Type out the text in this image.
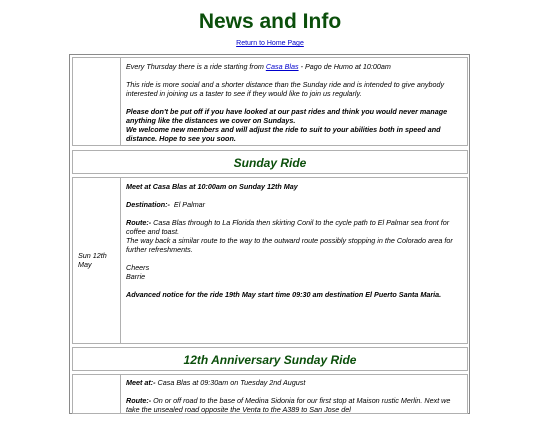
News and Info
Return to Home Page

Every Thursday there is a ride starting from Casa Blas - Pago de Humo at 10:00am

This ride is more social and a shorter distance than the Sunday ride and is intended to give anybody interested in joining us a taster to see if they would like to join us regularly.

Please don't be put off if you have looked at our past rides and think you would never manage anything like the distances we cover on Sundays.
We welcome new members and will adjust the ride to suit to your abilities both in speed and distance. Hope to see you soon.

Sunday Ride
Sun 12th May

Meet at Casa Blas at 10:00am on Sunday 12th May

Destination:- El Palmar

Route:- Casa Blas through to La Florida then skirting Conil to the cycle path to El Palmar sea front for coffee and toast.
The way back a similar route to the way to the outward route possibly stopping in the Colorado area for further refreshments.

Cheers
Barrie

Advanced notice for the ride 19th May start time 09:30 am destination El Puerto Santa Maria.

12th Anniversary Sunday Ride

Meet at:- Casa Blas at 09:30am on Tuesday 2nd August

Route:- On or off road to the base of Medina Sidonia for our first stop at Maison rustic Merlin. Next we take the unsealed road opposite the Venta to the A389 to San Jose del
